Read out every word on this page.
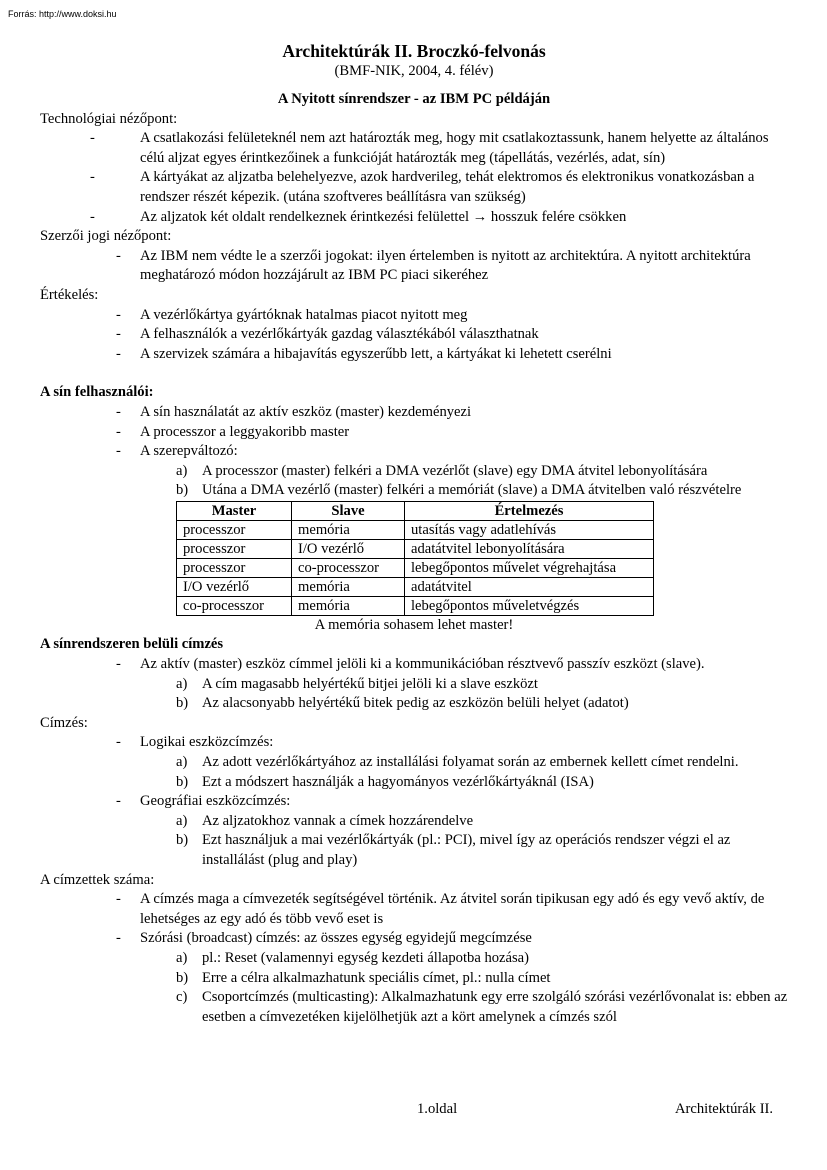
Forrás: http://www.doksi.hu
Architektúrák II. Broczkó-felvonás
(BMF-NIK, 2004, 4. félév)
A Nyitott sínrendszer - az IBM PC példáján
Technológiai nézőpont:
-	A csatlakozási felületeknél nem azt határozták meg, hogy mit csatlakoztassunk, hanem helyette az általános célú aljzat egyes érintkezőinek a funkcióját határozták meg (tápellátás, vezérlés, adat, sín)
-	A kártyákat az aljzatba belehelyezve, azok hardverileg, tehát elektromos és elektronikus vonatkozásban a rendszer részét képezik. (utána szoftveres beállításra van szükség)
-	Az aljzatok két oldalt rendelkeznek érintkezési felülettel → hosszuk felére csökken
Szerzői jogi nézőpont:
- Az IBM nem védte le a szerzői jogokat: ilyen értelemben is nyitott az architektúra. A nyitott architektúra meghatározó módon hozzájárult az IBM PC piaci sikeréhez
Értékelés:
- A vezérlőkártya gyártóknak hatalmas piacot nyitott meg
- A felhasználók a vezérlőkártyák gazdag választékából választhatnak
- A szervizek számára a hibajavítás egyszerűbb lett, a kártyákat ki lehetett cserélni
A sín felhasználói:
- A sín használatát az aktív eszköz (master) kezdeményezi
- A processzor a leggyakoribb master
- A szerepváltozó:
a) A processzor (master) felkéri a DMA vezérlőt (slave) egy DMA átvitel lebonyolítására
b) Utána a DMA vezérlő (master) felkéri a memóriát (slave) a DMA átvitelben való részvételre
Master	Slave	Értelmezés
processzor	memória	utasítás vagy adatlehívás
processzor	I/O vezérlő	adatátvitel lebonyolítására
processzor	co-processzor	lebegőpontos művelet végrehajtása
I/O vezérlő	memória	adatátvitel
co-processzor	memória	lebegőpontos műveletvégzés
A memória sohasem lehet master!
A sínrendszeren belüli címzés
- Az aktív (master) eszköz címmel jelöli ki a kommunikációban résztvevő passzív eszközt (slave).
a) A cím magasabb helyértékű bitjei jelöli ki a slave eszközt
b) Az alacsonyabb helyértékű bitek pedig az eszközön belüli helyet (adatot)
Címzés:
- Logikai eszközcímzés:
a) Az adott vezérlőkártyához az installálási folyamat során az embernek kellett címet rendelni.
b) Ezt a módszert használják a hagyományos vezérlőkártyáknál (ISA)
- Geográfiai eszközcímzés:
a) Az aljzatokhoz vannak a címek hozzárendelve
b) Ezt használjuk a mai vezérlőkártyák (pl.: PCI), mivel így az operációs rendszer végzi el az installálást (plug and play)
A címzettek száma:
- A címzés maga a címvezeték segítségével történik. Az átvitel során tipikusan egy adó és egy vevő aktív, de lehetséges az egy adó és több vevő eset is
- Szórási (broadcast) címzés: az összes egység egyidejű megcímzése
a) pl.: Reset (valamennyi egység kezdeti állapotba hozása)
b) Erre a célra alkalmazhatunk speciális címet, pl.: nulla címet
c) Csoportcímzés (multicasting): Alkalmazhatunk egy erre szolgáló szórási vezérlővonalat is: ebben az esetben a címvezetéken kijelölhetjük azt a kört amelynek a címzés szól
1.oldal	Architektúrák II.
